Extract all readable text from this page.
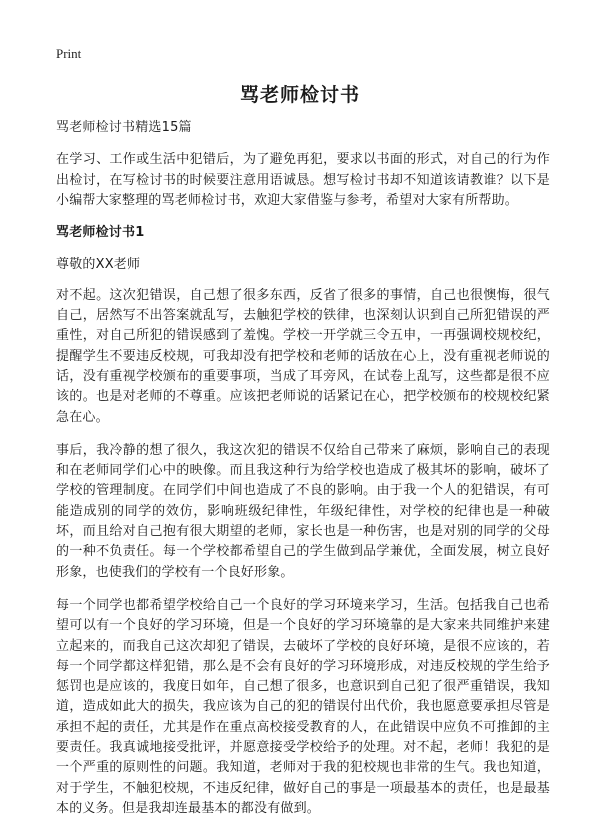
Print
骂老师检讨书

骂老师检讨书精选15篇

在学习、工作或生活中犯错后，为了避免再犯，要求以书面的形式，对自己的行为作出检讨，在写检讨书的时候要注意用语诚恳。想写检讨书却不知道该请教谁？以下是小编帮大家整理的骂老师检讨书，欢迎大家借鉴与参考，希望对大家有所帮助。

骂老师检讨书1

尊敬的XX老师

对不起。这次犯错误，自己想了很多东西，反省了很多的事情，自己也很懊悔，很气自己，居然写不出答案就乱写，去触犯学校的铁律，也深刻认识到自己所犯错误的严重性，对自己所犯的错误感到了羞愧。学校一开学就三令五申，一再强调校规校纪，提醒学生不要违反校规，可我却没有把学校和老师的话放在心上，没有重视老师说的话，没有重视学校颁布的重要事项，当成了耳旁风，在试卷上乱写，这些都是很不应该的。也是对老师的不尊重。应该把老师说的话紧记在心，把学校颁布的校规校纪紧急在心。

事后，我冷静的想了很久，我这次犯的错误不仅给自己带来了麻烦，影响自己的表现和在老师同学们心中的映像。而且我这种行为给学校也造成了极其坏的影响，破坏了学校的管理制度。在同学们中间也造成了不良的影响。由于我一个人的犯错误，有可能造成别的同学的效仿，影响班级纪律性，年级纪律性，对学校的纪律也是一种破坏，而且给对自己抱有很大期望的老师，家长也是一种伤害，也是对别的同学的父母的一种不负责任。每一个学校都希望自己的学生做到品学兼优，全面发展，树立良好形象，也使我们的学校有一个良好形象。

每一个同学也都希望学校给自己一个良好的学习环境来学习，生活。包括我自己也希望可以有一个良好的学习环境，但是一个良好的学习环境靠的是大家来共同维护来建立起来的，而我自己这次却犯了错误，去破坏了学校的良好环境，是很不应该的，若每一个同学都这样犯错，那么是不会有良好的学习环境形成，对违反校规的学生给予惩罚也是应该的，我度日如年，自己想了很多，也意识到自己犯了很严重错误，我知道，造成如此大的损失，我应该为自己的犯的错误付出代价，我也愿意要承担尽管是承担不起的责任，尤其是作在重点高校接受教育的人，在此错误中应负不可推卸的主要责任。我真诚地接受批评，并愿意接受学校给予的处理。对不起，老师！我犯的是一个严重的原则性的问题。我知道，老师对于我的犯校规也非常的生气。我也知道，对于学生，不触犯校规，不违反纪律，做好自己的事是一项最基本的责任，也是最基本的义务。但是我却连最基本的都没有做到。
